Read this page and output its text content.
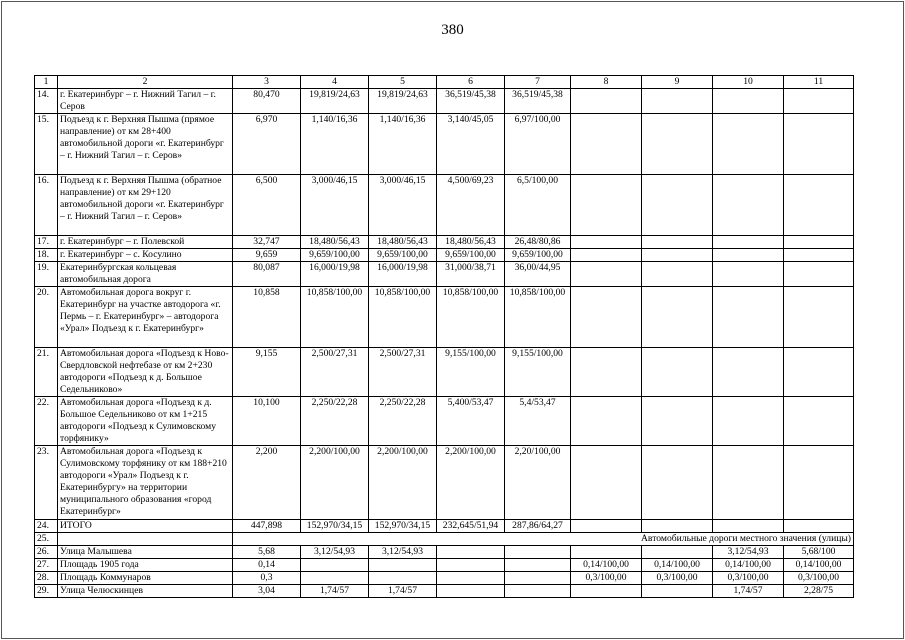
380
1	2	3	4	5	6	7	8	9	10	11
14.	г. Екатеринбург – г. Нижний Тагил – г. Серов	80,470	19,819/24,63	19,819/24,63	36,519/45,38	36,519/45,38				
15.	Подъезд к г. Верхняя Пышма (прямое направление) от км 28+400 автомобильной дороги «г. Екатеринбург – г. Нижний Тагил – г. Серов»	6,970	1,140/16,36	1,140/16,36	3,140/45,05	6,97/100,00				
16.	Подъезд к г. Верхняя Пышма (обратное направление) от км 29+120 автомобильной дороги «г. Екатеринбург – г. Нижний Тагил – г. Серов»	6,500	3,000/46,15	3,000/46,15	4,500/69,23	6,5/100,00				
17.	г. Екатеринбург – г. Полевской	32,747	18,480/56,43	18,480/56,43	18,480/56,43	26,48/80,86				
18.	г. Екатеринбург – с. Косулино	9,659	9,659/100,00	9,659/100,00	9,659/100,00	9,659/100,00				
19.	Екатеринбургская кольцевая автомобильная дорога	80,087	16,000/19,98	16,000/19,98	31,000/38,71	36,00/44,95				
20.	Автомобильная дорога вокруг г. Екатеринбург на участке автодорога «г. Пермь – г. Екатеринбург» – автодорога «Урал» Подъезд к г. Екатеринбург»	10,858	10,858/100,00	10,858/100,00	10,858/100,00	10,858/100,00				
21.	Автомобильная дорога «Подъезд к Ново-Свердловской нефтебазе от км 2+230 автодороги «Подъезд к д. Большое Седельниково»	9,155	2,500/27,31	2,500/27,31	9,155/100,00	9,155/100,00				
22.	Автомобильная дорога «Подъезд к д. Большое Седельниково от км 1+215 автодороги «Подъезд к Сулимовскому торфянику»	10,100	2,250/22,28	2,250/22,28	5,400/53,47	5,4/53,47				
23.	Автомобильная дорога «Подъезд к Сулимовскому торфянику от км 188+210 автодороги «Урал» Подъезд к г. Екатеринбургу» на территории муниципального образования «город Екатеринбург»	2,200	2,200/100,00	2,200/100,00	2,200/100,00	2,20/100,00				
24.	ИТОГО	447,898	152,970/34,15	152,970/34,15	232,645/51,94	287,86/64,27				
25.		Автомобильные дороги местного значения (улицы)								
26.	Улица Малышева	5,68	3,12/54,93	3,12/54,93					3,12/54,93	5,68/100
27.	Площадь 1905 года	0,14					0,14/100,00	0,14/100,00	0,14/100,00	0,14/100,00
28.	Площадь Коммунаров	0,3					0,3/100,00	0,3/100,00	0,3/100,00	0,3/100,00
29.	Улица Челюскинцев	3,04	1,74/57	1,74/57					1,74/57	2,28/75
